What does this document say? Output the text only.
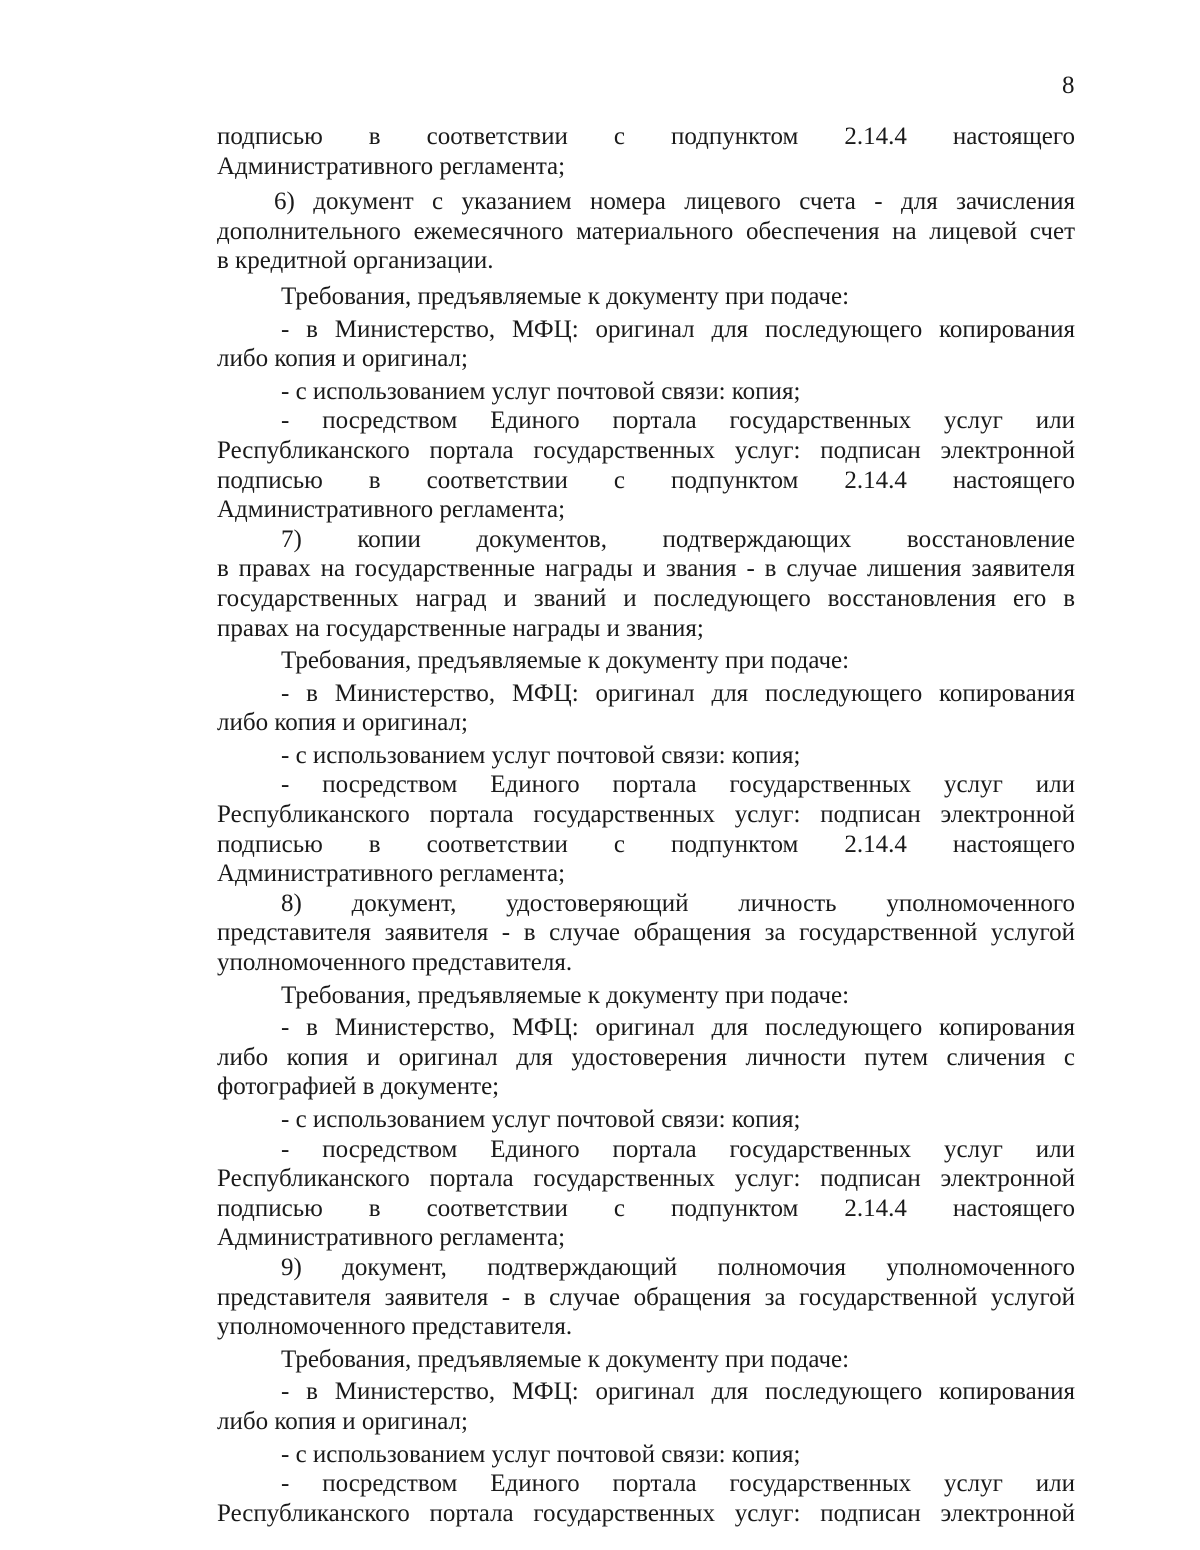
8
подписью в соответствии с подпунктом 2.14.4 настоящего
Административного регламента;
6) документ с указанием номера лицевого счета - для зачисления
дополнительного ежемесячного материального обеспечения на лицевой счет
в кредитной организации.
Требования, предъявляемые к документу при подаче:
- в Министерство, МФЦ: оригинал для последующего копирования
либо копия и оригинал;
- с использованием услуг почтовой связи: копия;
- посредством Единого портала государственных услуг или
Республиканского портала государственных услуг: подписан электронной
подписью в соответствии с подпунктом 2.14.4 настоящего
Административного регламента;
7) копии документов, подтверждающих восстановление
в правах на государственные награды и звания - в случае лишения заявителя
государственных наград и званий и последующего восстановления его в
правах на государственные награды и звания;
Требования, предъявляемые к документу при подаче:
- в Министерство, МФЦ: оригинал для последующего копирования
либо копия и оригинал;
- с использованием услуг почтовой связи: копия;
- посредством Единого портала государственных услуг или
Республиканского портала государственных услуг: подписан электронной
подписью в соответствии с подпунктом 2.14.4 настоящего
Административного регламента;
8) документ, удостоверяющий личность уполномоченного
представителя заявителя - в случае обращения за государственной услугой
уполномоченного представителя.
Требования, предъявляемые к документу при подаче:
- в Министерство, МФЦ: оригинал для последующего копирования
либо копия и оригинал для удостоверения личности путем сличения с
фотографией в документе;
- с использованием услуг почтовой связи: копия;
- посредством Единого портала государственных услуг или
Республиканского портала государственных услуг: подписан электронной
подписью в соответствии с подпунктом 2.14.4 настоящего
Административного регламента;
9) документ, подтверждающий полномочия уполномоченного
представителя заявителя - в случае обращения за государственной услугой
уполномоченного представителя.
Требования, предъявляемые к документу при подаче:
- в Министерство, МФЦ: оригинал для последующего копирования
либо копия и оригинал;
- с использованием услуг почтовой связи: копия;
- посредством Единого портала государственных услуг или
Республиканского портала государственных услуг: подписан электронной
